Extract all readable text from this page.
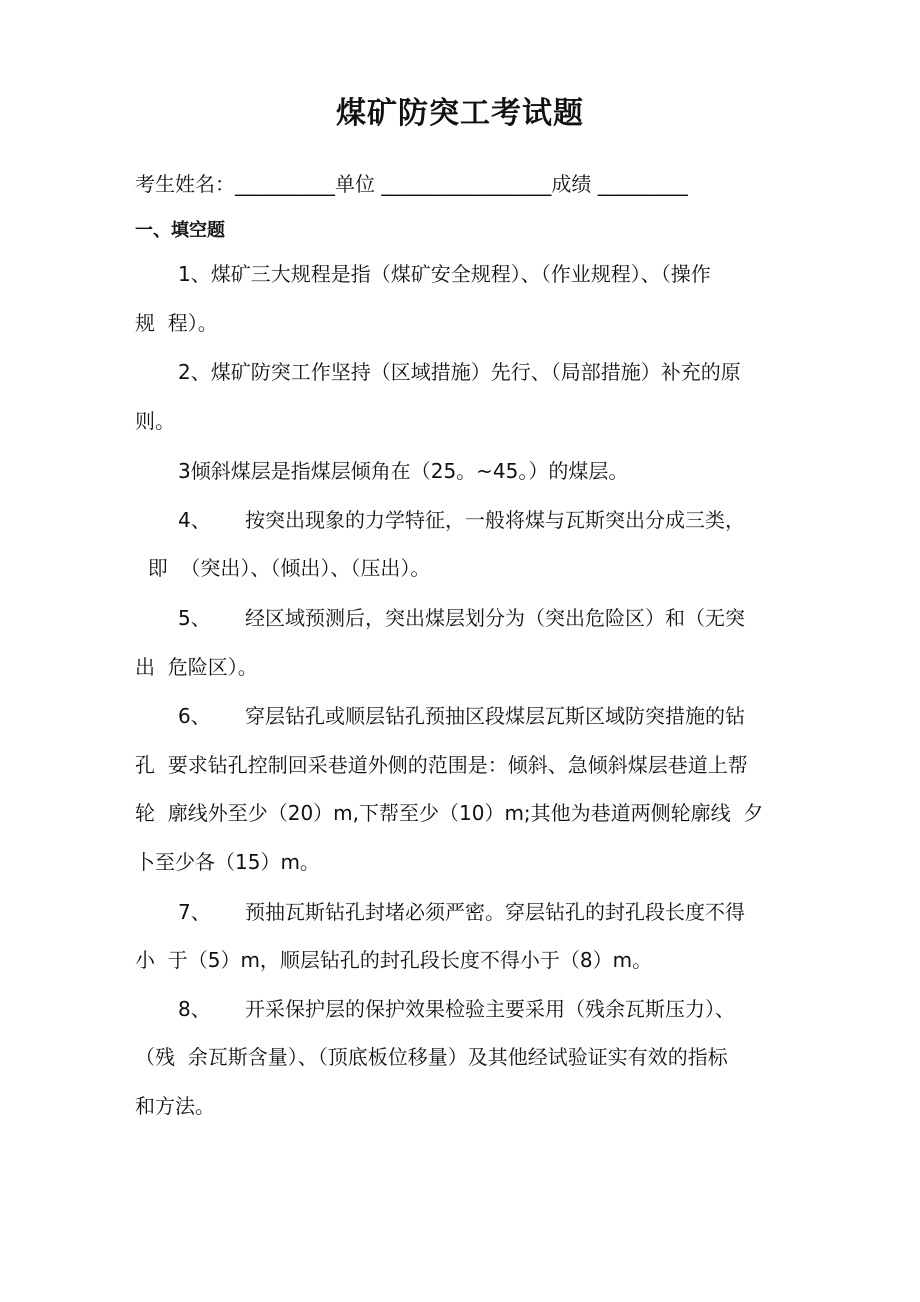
煤矿防突工考试题
考生姓名：__________单位 _________________成绩 _________
一、填空题
1、煤矿三大规程是指（煤矿安全规程）、（作业规程）、（操作
规  程）。
2、煤矿防突工作坚持（区域措施）先行、（局部措施）补充的原
则。
3倾斜煤层是指煤层倾角在（25。~45。）的煤层。
4、 按突出现象的力学特征，一般将煤与瓦斯突出分成三类，
即  （突出）、（倾出）、（压出）。
5、 经区域预测后，突出煤层划分为（突出危险区）和（无突
出  危险区）。
6、 穿层钻孔或顺层钻孔预抽区段煤层瓦斯区域防突措施的钻
孔  要求钻孔控制回采巷道外侧的范围是：倾斜、急倾斜煤层巷道上帮
轮  廓线外至少（20）m,下帮至少（10）m;其他为巷道两侧轮廓线  夕
卜至少各（15）m。
7、 预抽瓦斯钻孔封堵必须严密。穿层钻孔的封孔段长度不得
小  于（5）m，顺层钻孔的封孔段长度不得小于（8）m。
8、 开采保护层的保护效果检验主要采用（残余瓦斯压力）、
（残  余瓦斯含量）、（顶底板位移量）及其他经试验证实有效的指标
和方法。
